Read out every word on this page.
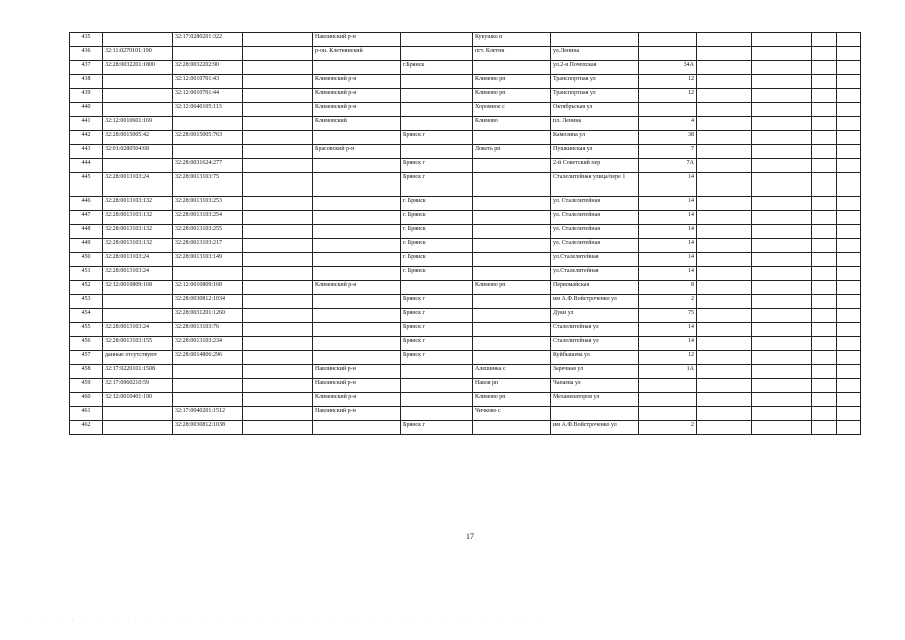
435		32:17:0280201:322		Навлинский р-н		Кукушко п						
436	32:11:0270101:190			р-он. Клетнянский		пгт. Клетня	ул.Ленина					
437	32:28:0032201:1800	32:28:0032202:90			г.Брянск		ул.2-я Почепская	34А				
438		32:12:0010701:43		Климовский р-н		Климово рп	Транспортная ул	12				
439		32:12:0010701:44		Климовский р-н		Климово рп	Транспортная ул	12				
440		32:12:0640105:113		Климовский р-н		Хоромное с	Октябрьская ул					
441	32:12:0010601:169			Климовский		Климово	пл. Ленина	4				
442	32:28:0015005:42	32:28:0015005:763			Брянск г		Камозина ул	38				
443	32:01:0280504:68			Брасовский р-н		Локоть рп	Пушкинская ул	7				
444		32:28:0031624:277			Брянск г		2-й Советский пер	7А				
445	32:28:0013103:24	32:28:0013103:75			Брянск г		Сталелитейная улица/пере 1	14				
446	32:28:0013103:132	32:28:0013103:253			г. Брянск		ул. Сталелитейная	14				
447	32:28:0013103:132	32:28:0013103:254			г. Брянск		ул. Сталелитейная	14				
448	32:28:0013103:132	32:28:0013103:255			г. Брянск		ул. Сталелитейная	14				
449	32:28:0013103:132	32:28:0013103:217			г. Брянск		ул. Сталелитейная	14				
450	32:28:0013103:24	32:28:0013103:149			г. Брянск		ул.Сталелитейная	14				
451	32:28:0013103:24				г. Брянск		ул.Сталелитейная	14				
452	32:12:0010809:168	32:12:0010809:168		Климовский р-н		Климово рп	Первомайская	8				
453		32:28:0030812:1034			Брянск г		им А.Ф.Войстроченко ул	2				
454		32:28:0031201:1260			Брянск г		Дуки ул	75				
455	32:28:0013103:24	32:28:0013103:76			Брянск г		Сталелитейная ул	14				
456	32:28:0013103:155	32:28:0013103:234			Брянск г		Сталелитейная ул	14				
457	данные отсутствуют	32:28:0014806:296			Брянск г		Куйбышева ул	12				
458	32:17:0220101:1508			Навлинский р-н		Алешинка с	Заречная ул	1А				
459	32:17:0960210:59			Навлинский р-н		Навля рп	Чапаева ул					
460	32:12:0010401:190			Климовский р-н		Климово рп	Механизаторов ул					
461		32:17:0040201:1512		Навлинский р-н		Чичково с						
462		32:28:0030812:1038			Брянск г		им А.Ф.Войстроченко ул	2				
17
. . . : . . . .. . . . . . : . . . . . . . . . . . . . . . . . . . . . . .
